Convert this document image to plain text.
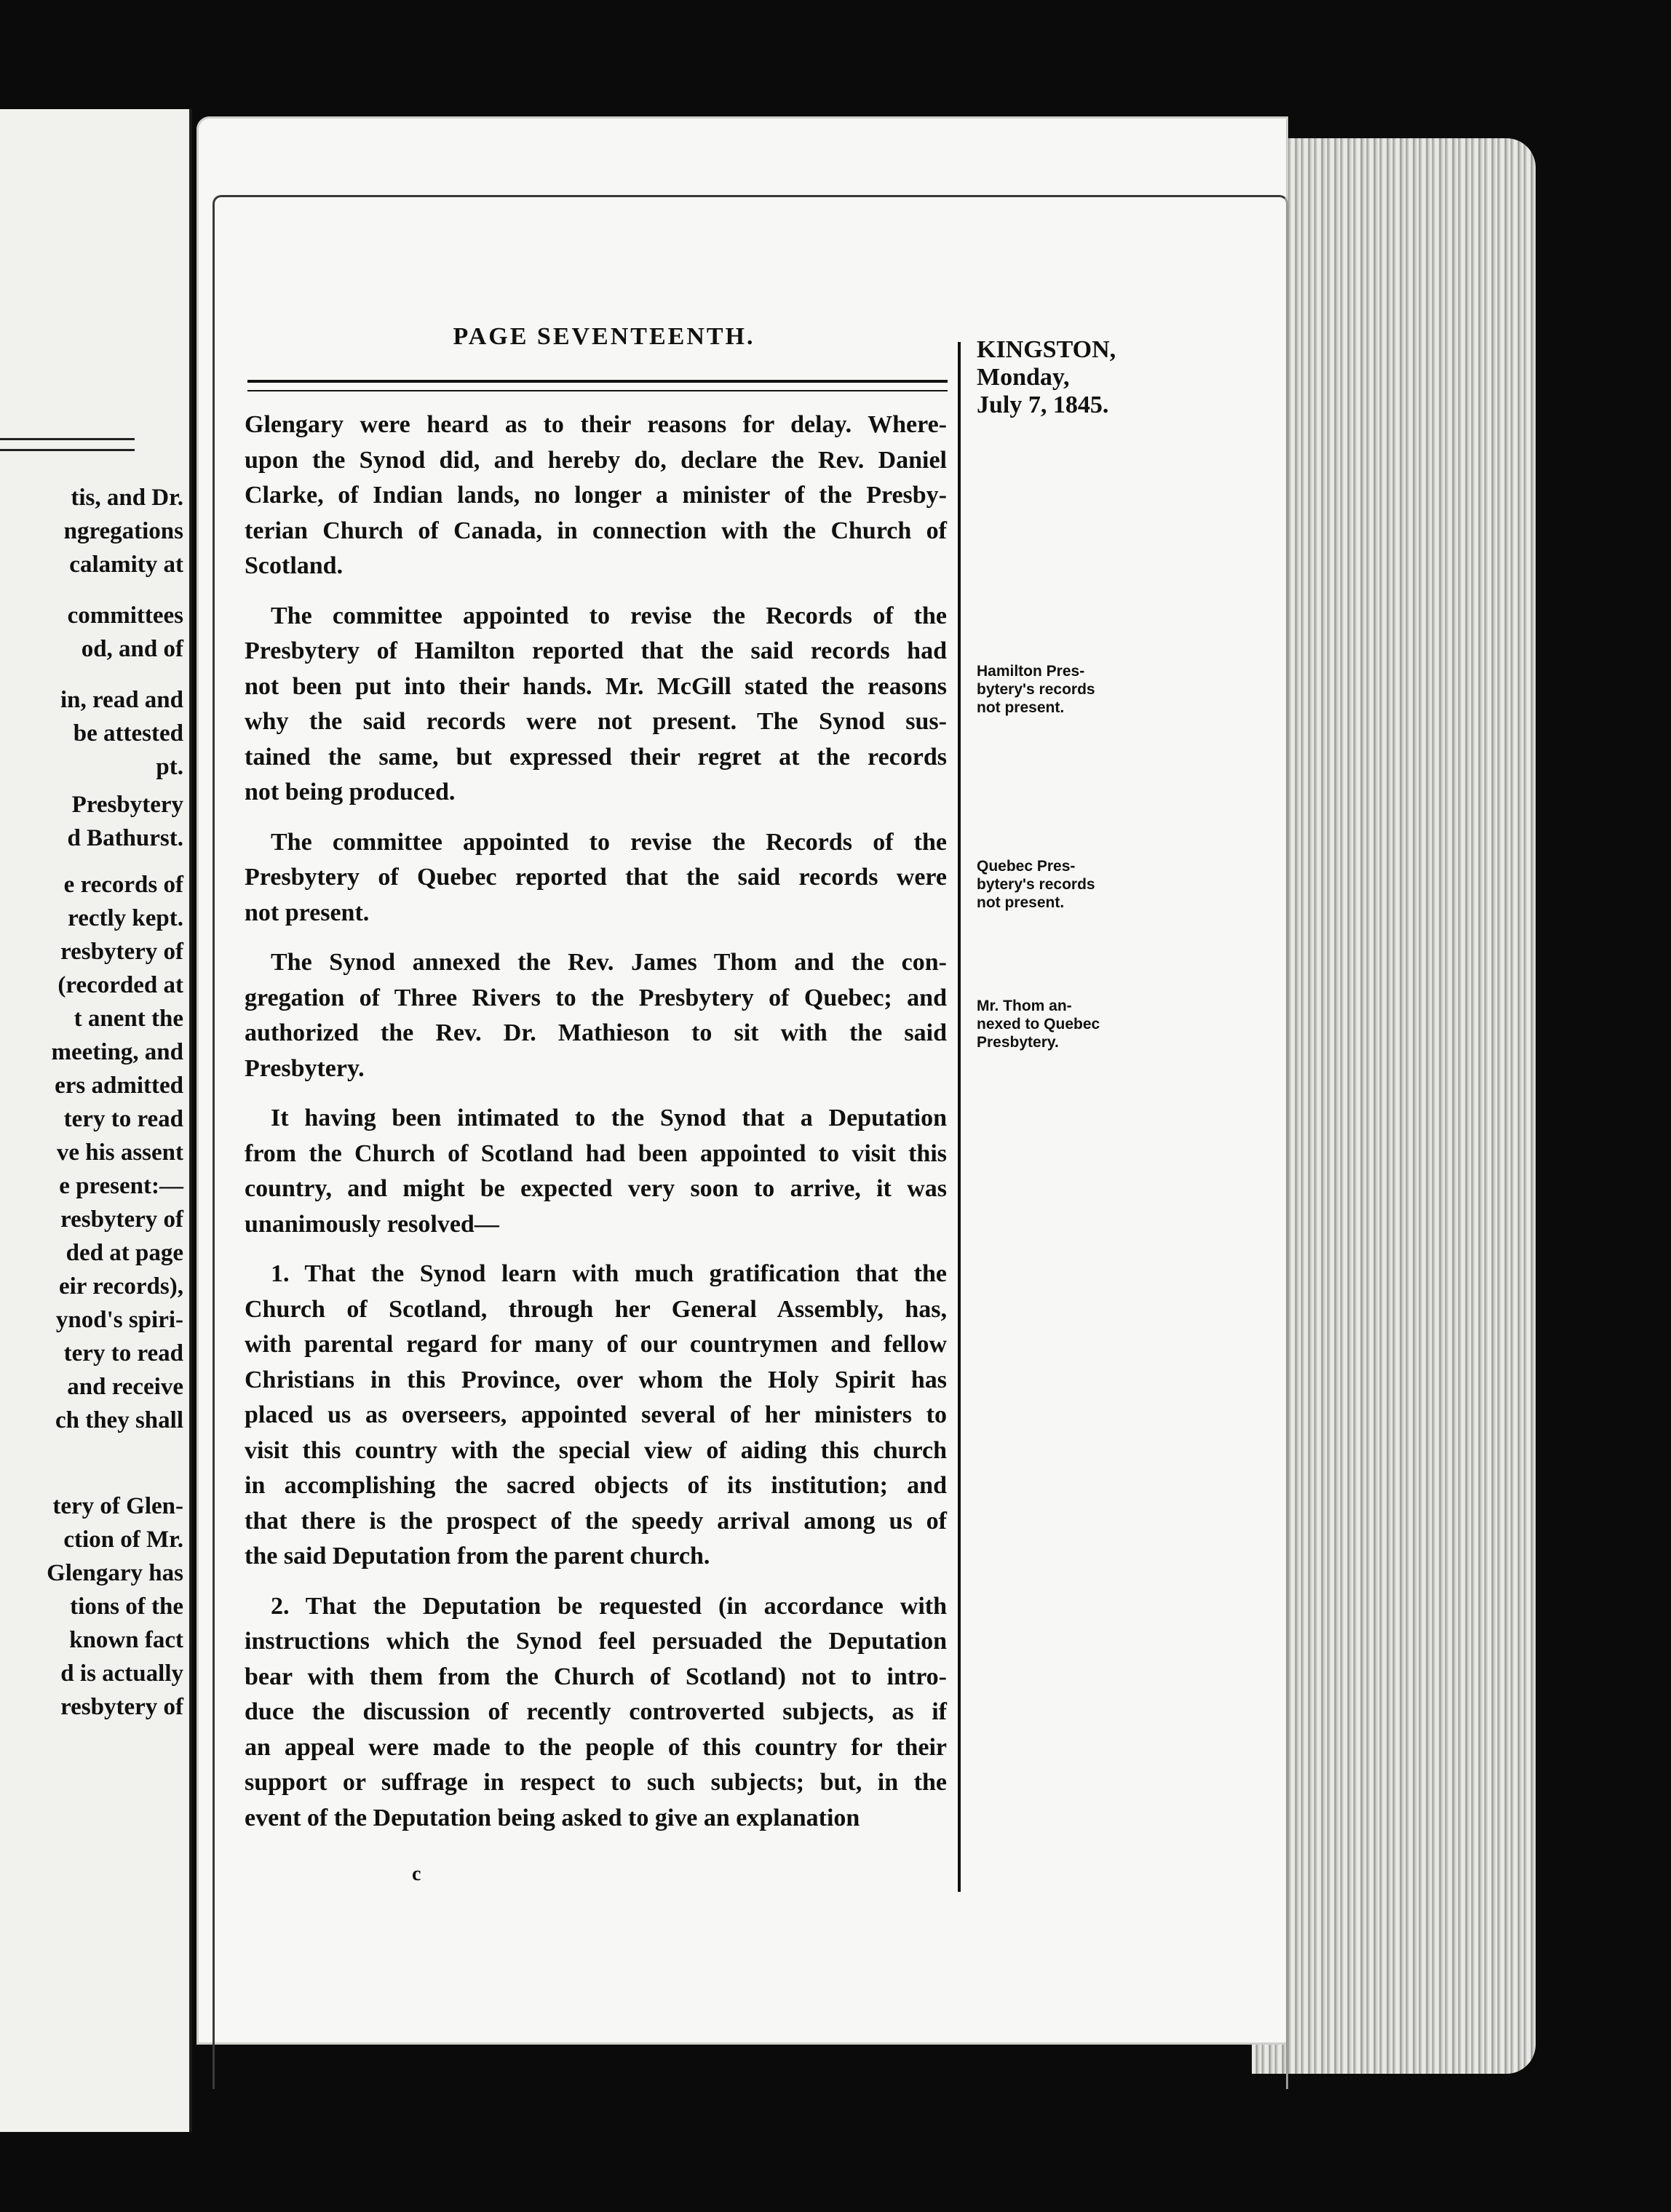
tis, and Dr.
ngregations
calamity at
committees
od, and of
in, read and
be attested
pt.
Presbytery
d Bathurst.
e records of
rectly kept.
resbytery of
(recorded at
t anent the
meeting, and
ers admitted
tery to read
ve his assent
e present:—
resbytery of
ded at page
eir records),
ynod's spiri-
tery to read
and receive
ch they shall
tery of Glen-
ction of Mr.
Glengary has
tions of the
known fact
d is actually
resbytery of
PAGE SEVENTEENTH.
Glengary were heard as to their reasons for delay. Where-
upon the Synod did, and hereby do, declare the Rev. Daniel
Clarke, of Indian lands, no longer a minister of the Presby-
terian Church of Canada, in connection with the Church of
Scotland.
The committee appointed to revise the Records of the
Presbytery of Hamilton reported that the said records had
not been put into their hands. Mr. McGill stated the reasons
why the said records were not present. The Synod sus-
tained the same, but expressed their regret at the records
not being produced.
The committee appointed to revise the Records of the
Presbytery of Quebec reported that the said records were
not present.
The Synod annexed the Rev. James Thom and the con-
gregation of Three Rivers to the Presbytery of Quebec; and
authorized the Rev. Dr. Mathieson to sit with the said
Presbytery.
It having been intimated to the Synod that a Deputation
from the Church of Scotland had been appointed to visit this
country, and might be expected very soon to arrive, it was
unanimously resolved—
1. That the Synod learn with much gratification that the
Church of Scotland, through her General Assembly, has,
with parental regard for many of our countrymen and fellow
Christians in this Province, over whom the Holy Spirit has
placed us as overseers, appointed several of her ministers to
visit this country with the special view of aiding this church
in accomplishing the sacred objects of its institution; and
that there is the prospect of the speedy arrival among us of
the said Deputation from the parent church.
2. That the Deputation be requested (in accordance with
instructions which the Synod feel persuaded the Deputation
bear with them from the Church of Scotland) not to intro-
duce the discussion of recently controverted subjects, as if
an appeal were made to the people of this country for their
support or suffrage in respect to such subjects; but, in the
event of the Deputation being asked to give an explanation
c
KINGSTON,
Monday,
July 7, 1845.
Hamilton Pres-
bytery's records
not present.
Quebec Pres-
bytery's records
not present.
Mr. Thom an-
nexed to Quebec
Presbytery.
